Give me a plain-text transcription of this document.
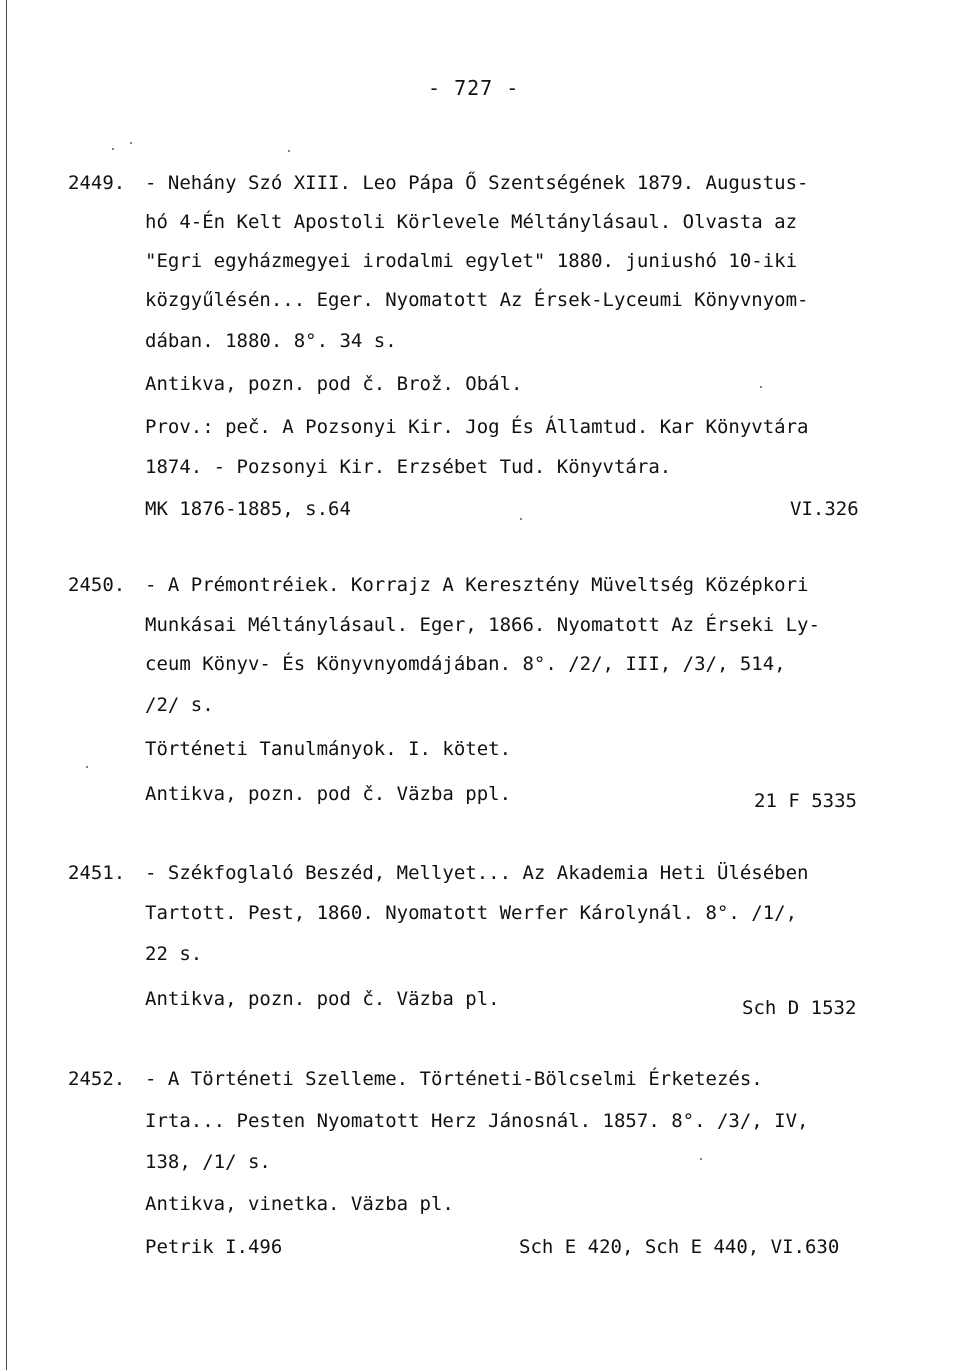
- 727 -
2449. - Nehány Szó XIII. Leo Pápa Ő Szentségének 1879. Augustus-
hó 4-Én Kelt Apostoli Körlevele Méltánylásaul. Olvasta az
"Egri egyházmegyei irodalmi egylet" 1880. juniushó 10-iki
közgyűlésén... Eger. Nyomatott Az Érsek-Lyceumi Könyvnyom-
dában. 1880. 8°. 34 s.
Antikva, pozn. pod č. Brož. Obál.
Prov.: peč. A Pozsonyi Kir. Jog És Államtud. Kar Könyvtára
1874. - Pozsonyi Kir. Erzsébet Tud. Könyvtára.
MK 1876-1885, s.64	VI.326
2450. - A Prémontréiek. Korrajz A Keresztény Müveltség Középkori
Munkásai Méltánylásaul. Eger, 1866. Nyomatott Az Érseki Ly-
ceum Könyv- És Könyvnyomdájában. 8°. /2/, III, /3/, 514,
/2/ s.
Történeti Tanulmányok. I. kötet.
Antikva, pozn. pod č. Väzba ppl.	21 F 5335
2451. - Székfoglaló Beszéd, Mellyet... Az Akademia Heti Ülésében
Tartott. Pest, 1860. Nyomatott Werfer Károlynál. 8°. /1/,
22 s.
Antikva, pozn. pod č. Väzba pl.	Sch D 1532
2452. - A Történeti Szelleme. Történeti-Bölcselmi Érketezés.
Irta... Pesten Nyomatott Herz Jánosnál. 1857. 8°. /3/, IV,
138, /1/ s.
Antikva, vinetka. Väzba pl.
Petrik I.496	Sch E 420, Sch E 440, VI.630
